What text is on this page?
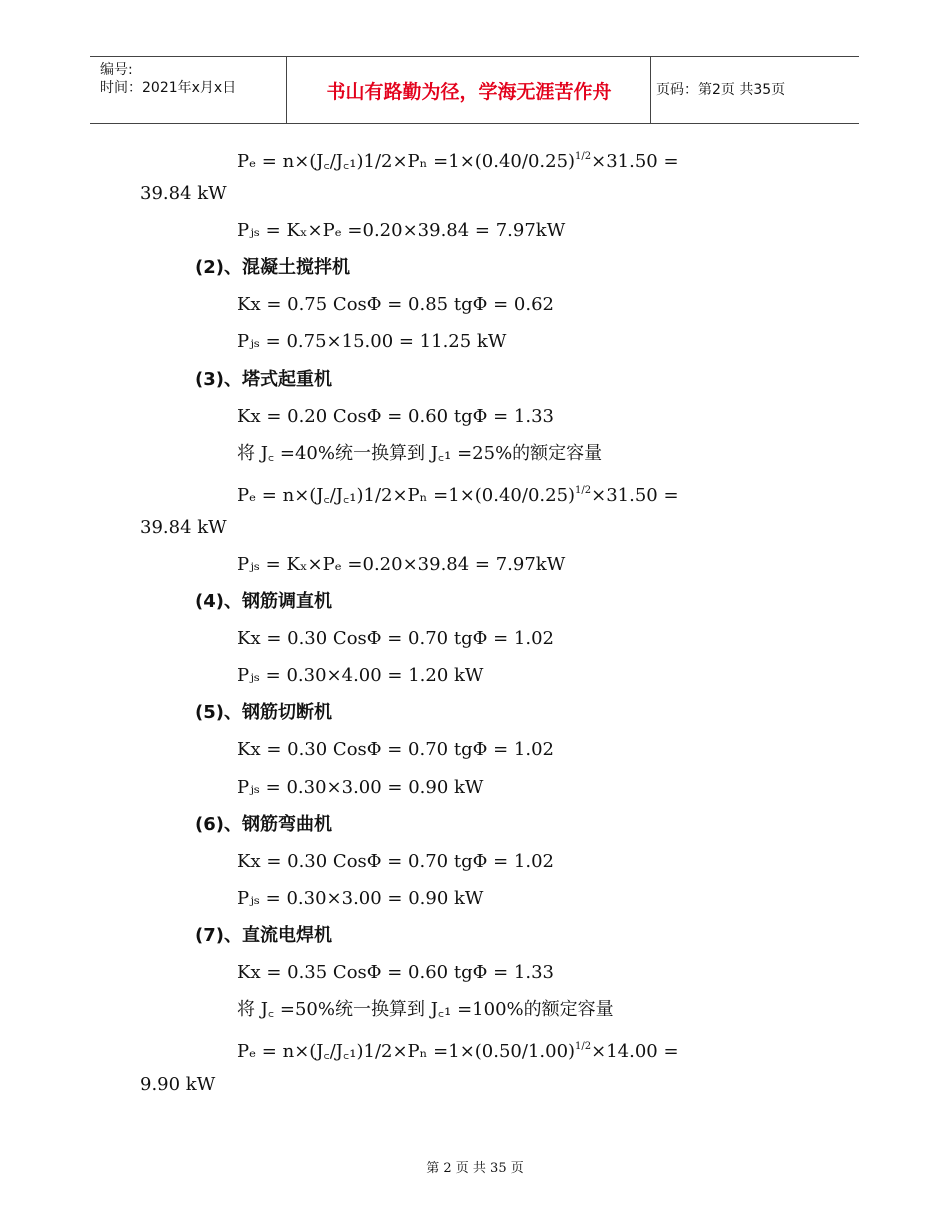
编号:
时间：2021年x月x日	书山有路勤为径，学海无涯苦作舟	页码：第2页 共35页
Pₑ = n×(J꜀/J꜀₁)1/2×Pₙ $=1\times(0.40/0.25)^{1/2}\times 31.50$ =
39.84 kW
Pⱼₛ = Kₓ×Pₑ =0.20×39.84 = 7.97kW
(2)、混凝土搅拌机
Kx = 0.75 CosΦ = 0.85 tgΦ = 0.62
Pⱼₛ = 0.75×15.00 = 11.25 kW
(3)、塔式起重机
Kx = 0.20 CosΦ = 0.60 tgΦ = 1.33
将 J꜀ =40%统一换算到 J꜀₁ =25%的额定容量
Pₑ = n×(J꜀/J꜀₁)1/2×Pₙ $=1\times(0.40/0.25)^{1/2}\times 31.50$ =
39.84 kW
Pⱼₛ = Kₓ×Pₑ =0.20×39.84 = 7.97kW
(4)、钢筋调直机
Kx = 0.30 CosΦ = 0.70 tgΦ = 1.02
Pⱼₛ = 0.30×4.00 = 1.20 kW
(5)、钢筋切断机
Kx = 0.30 CosΦ = 0.70 tgΦ = 1.02
Pⱼₛ = 0.30×3.00 = 0.90 kW
(6)、钢筋弯曲机
Kx = 0.30 CosΦ = 0.70 tgΦ = 1.02
Pⱼₛ = 0.30×3.00 = 0.90 kW
(7)、直流电焊机
Kx = 0.35 CosΦ = 0.60 tgΦ = 1.33
将 J꜀ =50%统一换算到 J꜀₁ =100%的额定容量
Pₑ = n×(J꜀/J꜀₁)1/2×Pₙ $=1\times(0.50/1.00)^{1/2}\times 14.00$ =
9.90 kW
第 2 页 共 35 页
